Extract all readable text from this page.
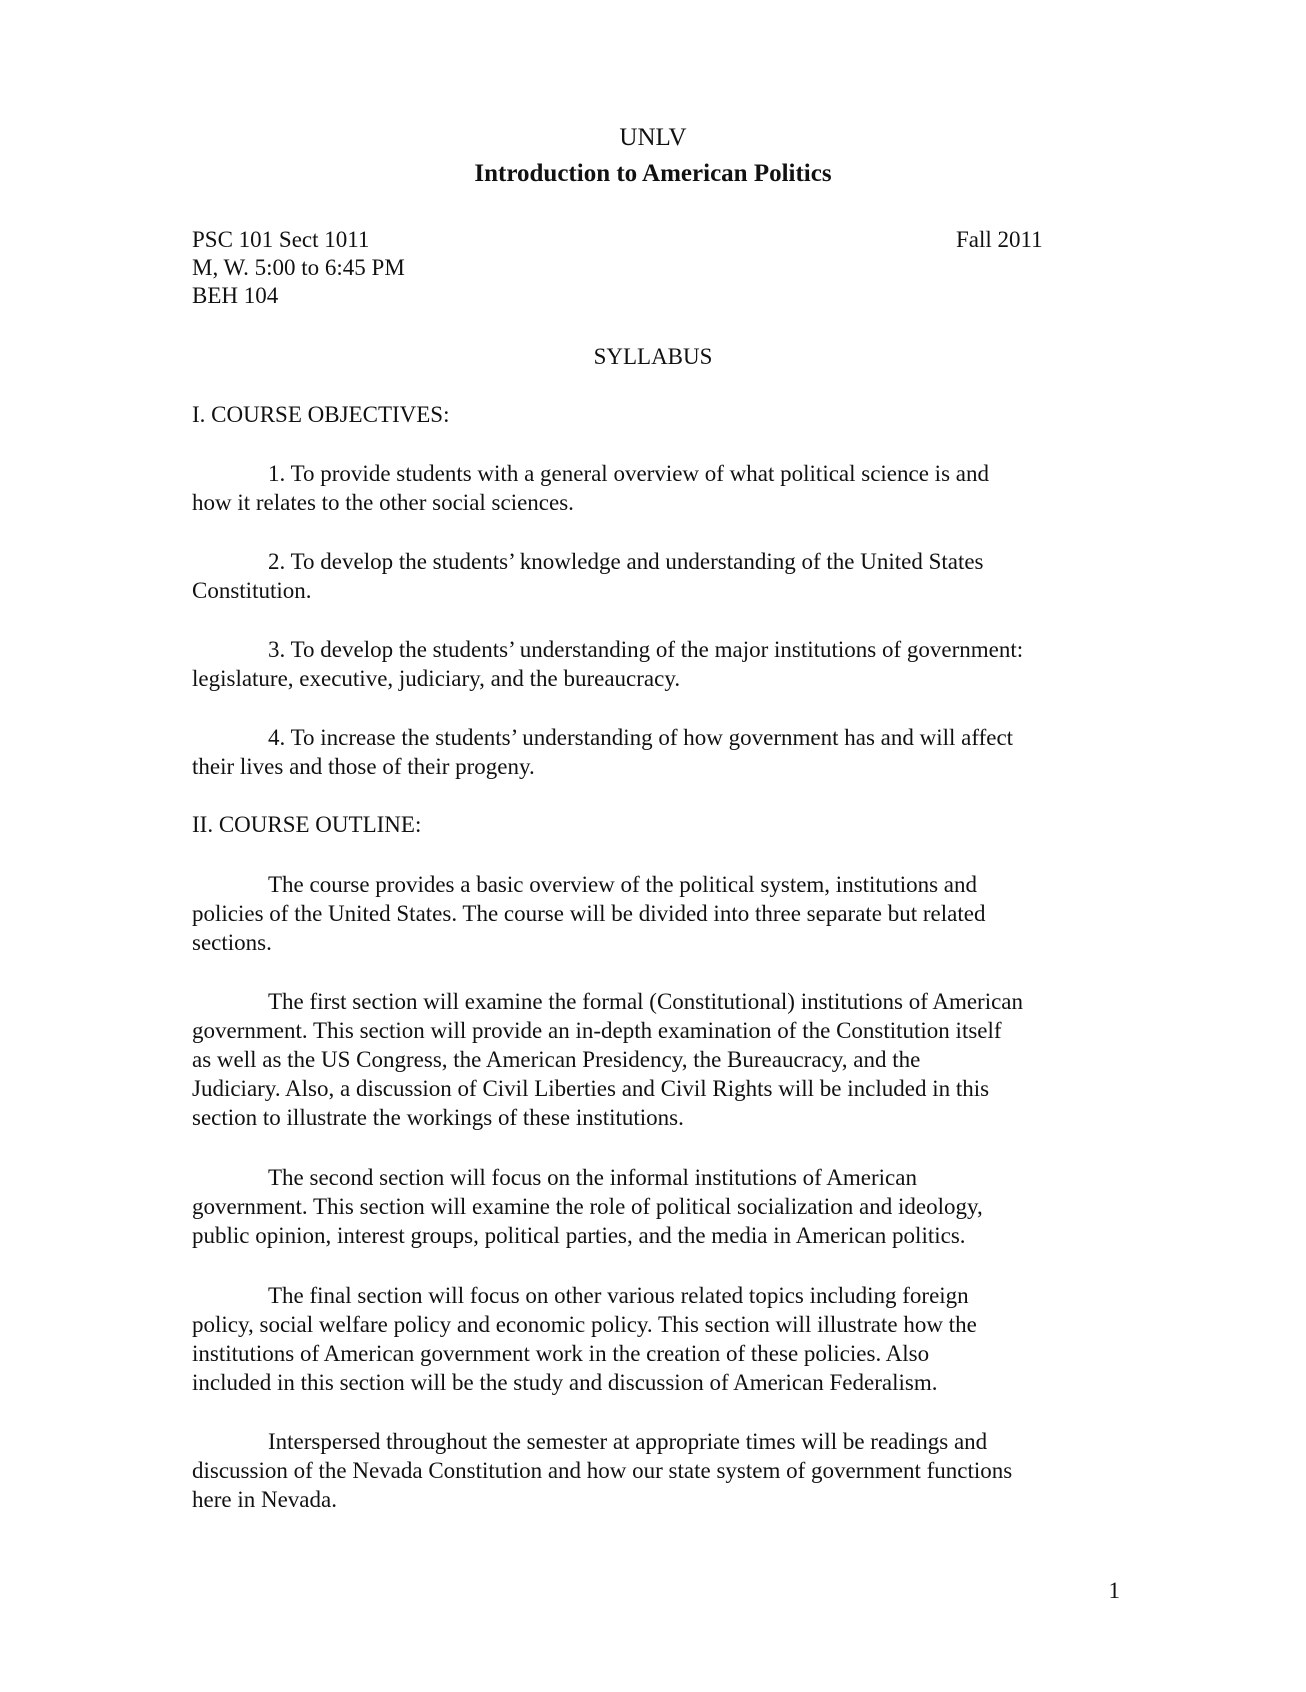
UNLV
Introduction to American Politics
PSC 101 Sect 1011	Fall 2011
M, W. 5:00 to 6:45 PM
BEH 104
SYLLABUS
I. COURSE OBJECTIVES:
1. To provide students with a general overview of what political science is and
how it relates to the other social sciences.
2. To develop the students’ knowledge and understanding of the United States
Constitution.
3. To develop the students’ understanding of the major institutions of government:
legislature, executive, judiciary, and the bureaucracy.
4. To increase the students’ understanding of how government has and will affect
their lives and those of their progeny.
II. COURSE OUTLINE:
The course provides a basic overview of the political system, institutions and
policies of the United States. The course will be divided into three separate but related
sections.
The first section will examine the formal (Constitutional) institutions of American
government. This section will provide an in-depth examination of the Constitution itself
as well as the US Congress, the American Presidency, the Bureaucracy, and the
Judiciary. Also, a discussion of Civil Liberties and Civil Rights will be included in this
section to illustrate the workings of these institutions.
The second section will focus on the informal institutions of American
government. This section will examine the role of political socialization and ideology,
public opinion, interest groups, political parties, and the media in American politics.
The final section will focus on other various related topics including foreign
policy, social welfare policy and economic policy. This section will illustrate how the
institutions of American government work in the creation of these policies. Also
included in this section will be the study and discussion of American Federalism.
Interspersed throughout the semester at appropriate times will be readings and
discussion of the Nevada Constitution and how our state system of government functions
here in Nevada.
1
